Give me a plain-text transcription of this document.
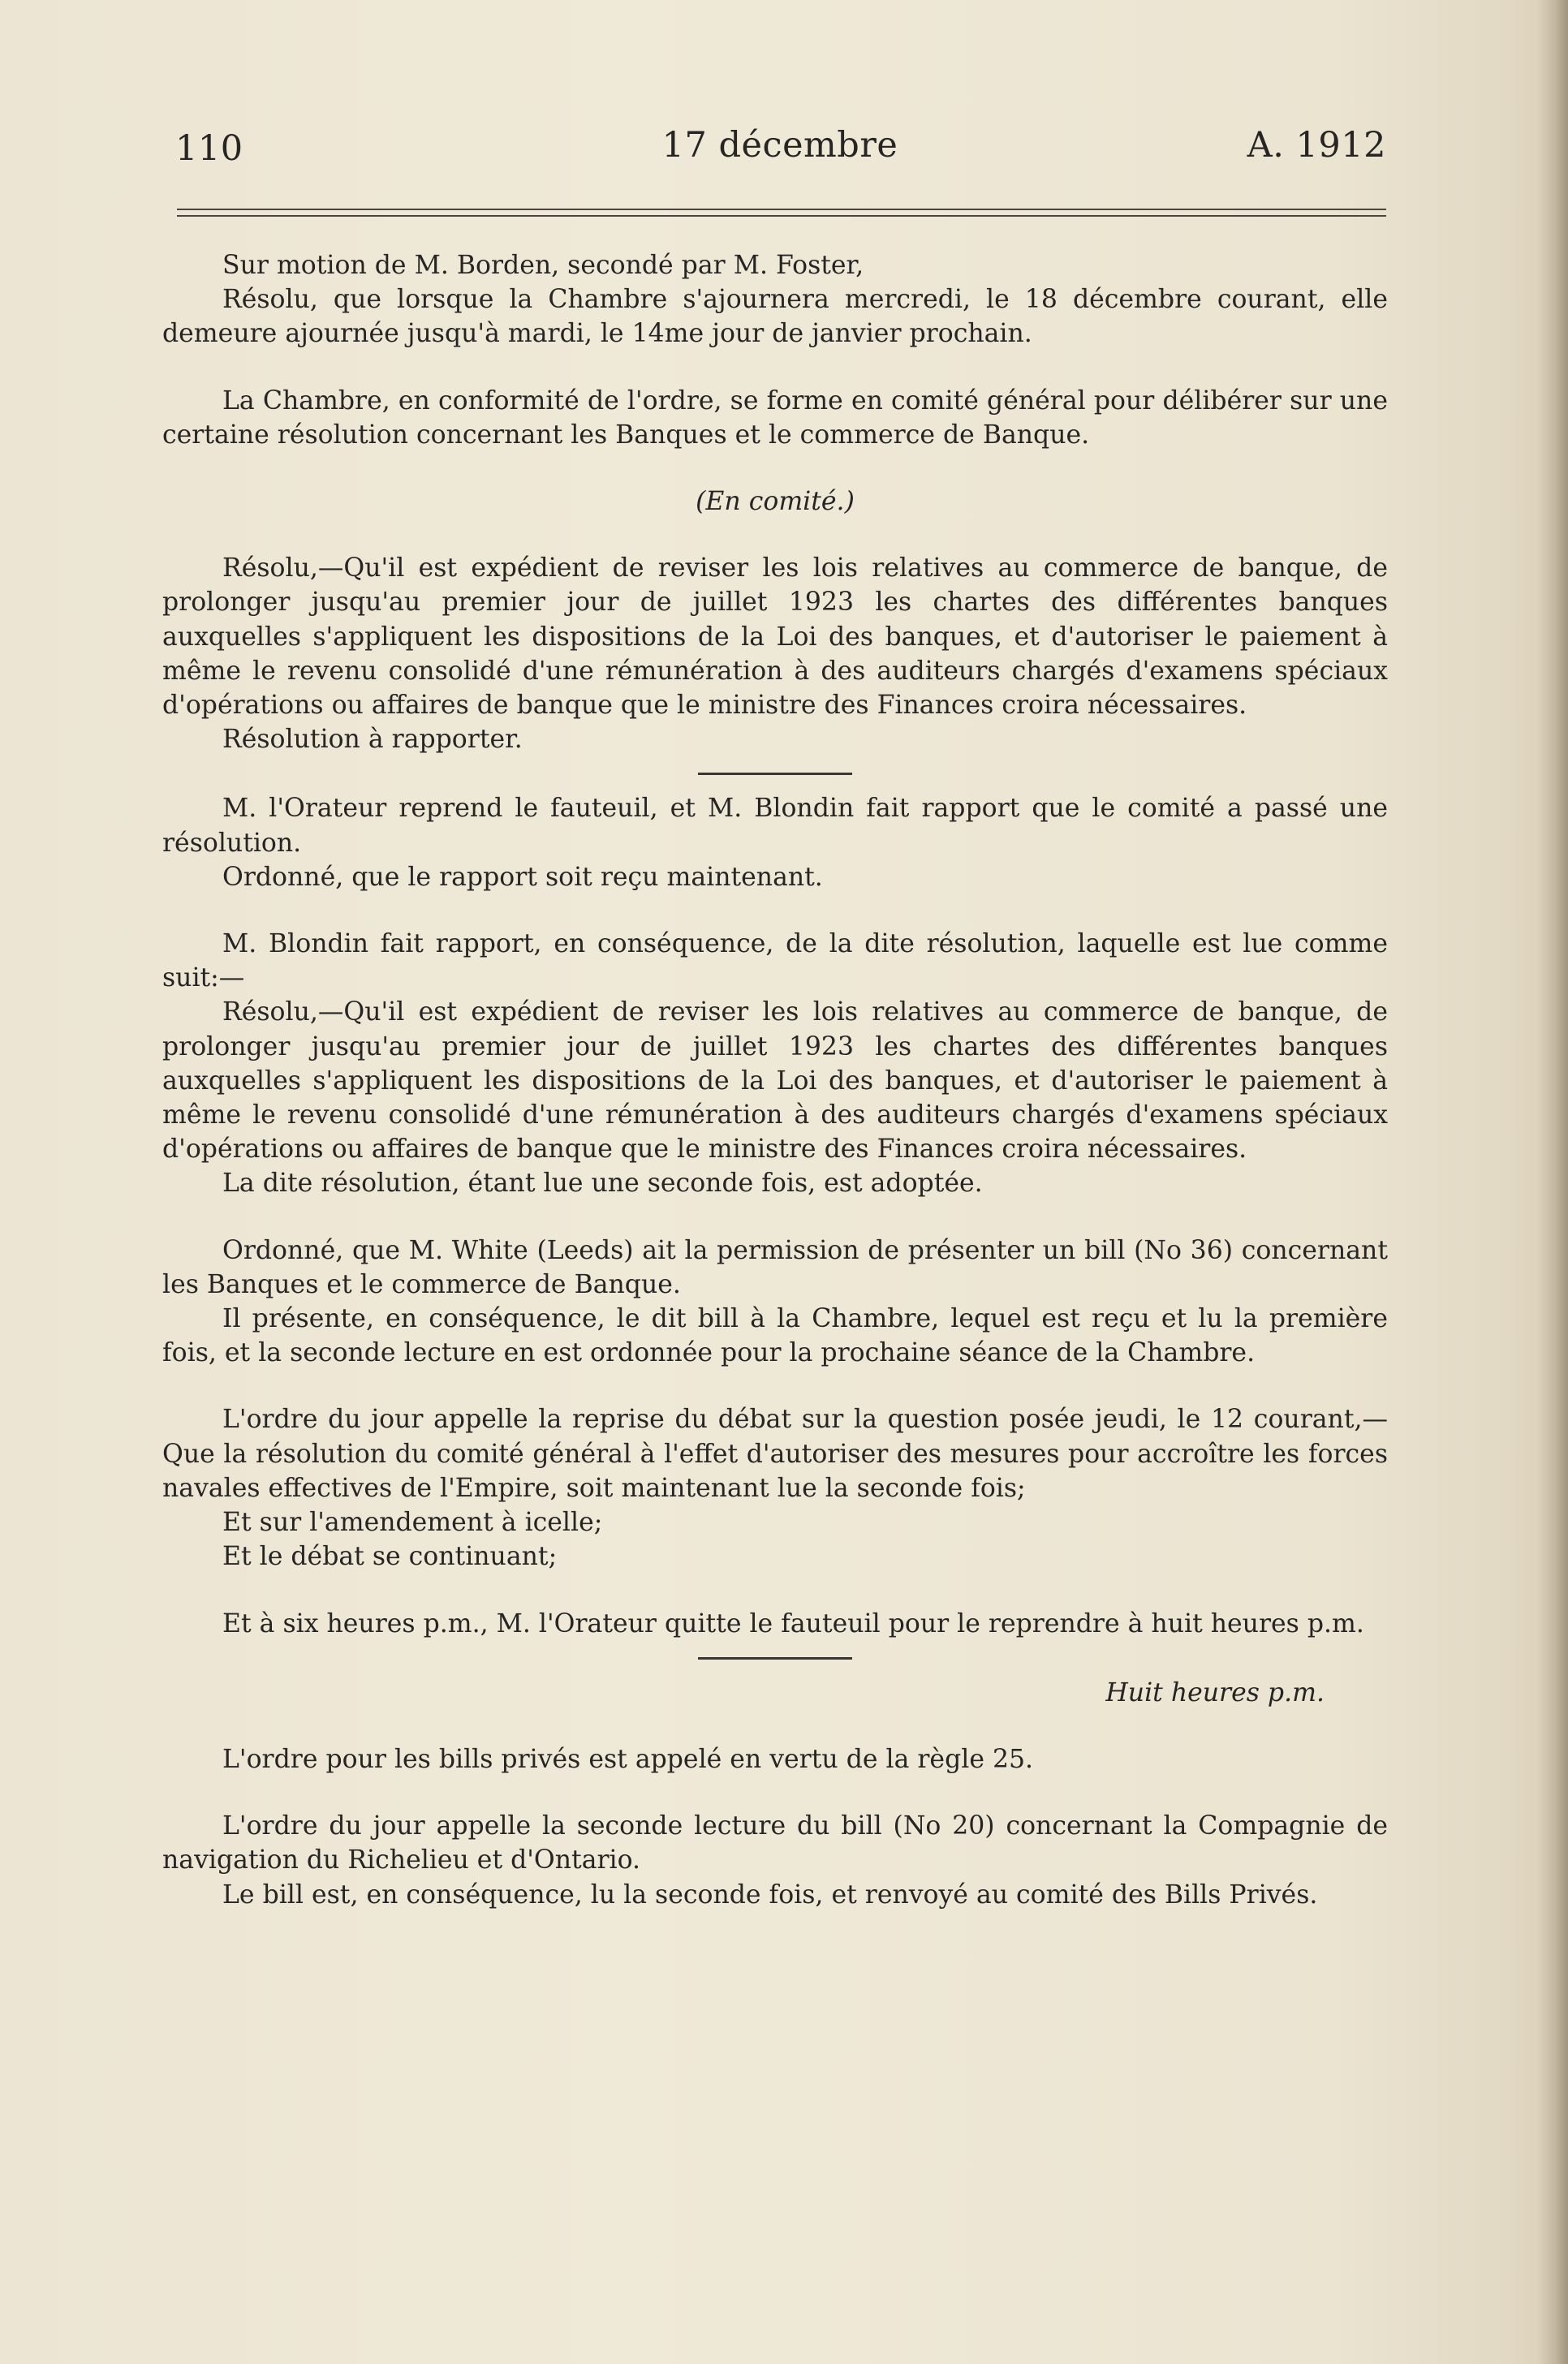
110	17 décembre	A. 1912

Sur motion de M. Borden, secondé par M. Foster,

Résolu, que lorsque la Chambre s'ajournera mercredi, le 18 décembre courant, elle demeure ajournée jusqu'à mardi, le 14me jour de janvier prochain.

La Chambre, en conformité de l'ordre, se forme en comité général pour délibérer sur une certaine résolution concernant les Banques et le commerce de Banque.

(En comité.)

Résolu,—Qu'il est expédient de reviser les lois relatives au commerce de banque, de prolonger jusqu'au premier jour de juillet 1923 les chartes des différentes banques auxquelles s'appliquent les dispositions de la Loi des banques, et d'autoriser le paiement à même le revenu consolidé d'une rémunération à des auditeurs chargés d'examens spéciaux d'opérations ou affaires de banque que le ministre des Finances croira nécessaires.

Résolution à rapporter.

M. l'Orateur reprend le fauteuil, et M. Blondin fait rapport que le comité a passé une résolution.

Ordonné, que le rapport soit reçu maintenant.

M. Blondin fait rapport, en conséquence, de la dite résolution, laquelle est lue comme suit:—

Résolu,—Qu'il est expédient de reviser les lois relatives au commerce de banque, de prolonger jusqu'au premier jour de juillet 1923 les chartes des différentes banques auxquelles s'appliquent les dispositions de la Loi des banques, et d'autoriser le paiement à même le revenu consolidé d'une rémunération à des auditeurs chargés d'examens spéciaux d'opérations ou affaires de banque que le ministre des Finances croira nécessaires.

La dite résolution, étant lue une seconde fois, est adoptée.

Ordonné, que M. White (Leeds) ait la permission de présenter un bill (No 36) concernant les Banques et le commerce de Banque.

Il présente, en conséquence, le dit bill à la Chambre, lequel est reçu et lu la première fois, et la seconde lecture en est ordonnée pour la prochaine séance de la Chambre.

L'ordre du jour appelle la reprise du débat sur la question posée jeudi, le 12 courant,—Que la résolution du comité général à l'effet d'autoriser des mesures pour accroître les forces navales effectives de l'Empire, soit maintenant lue la seconde fois;

Et sur l'amendement à icelle;

Et le débat se continuant;

Et à six heures p.m., M. l'Orateur quitte le fauteuil pour le reprendre à huit heures p.m.

Huit heures p.m.

L'ordre pour les bills privés est appelé en vertu de la règle 25.

L'ordre du jour appelle la seconde lecture du bill (No 20) concernant la Compagnie de navigation du Richelieu et d'Ontario.

Le bill est, en conséquence, lu la seconde fois, et renvoyé au comité des Bills Privés.
